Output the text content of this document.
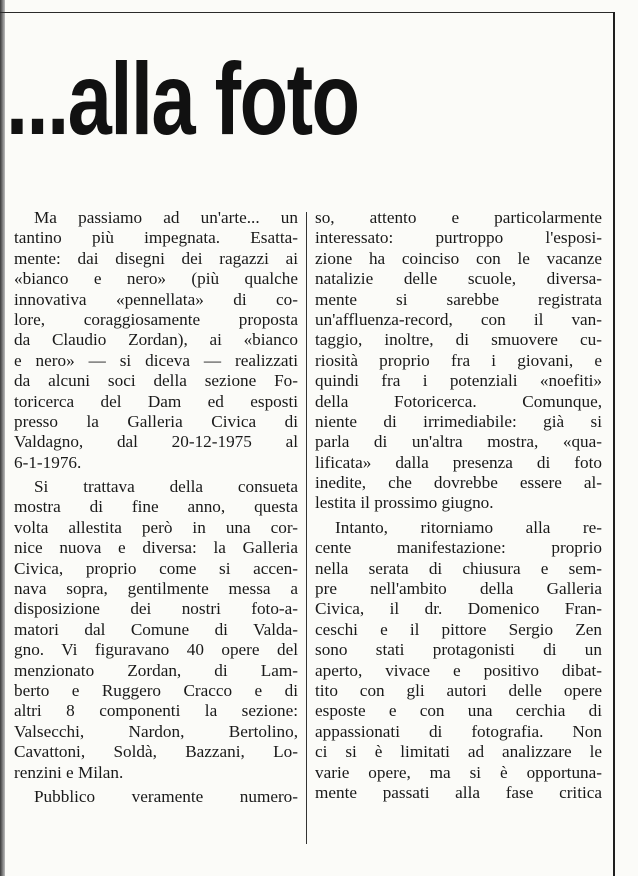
...alla foto
Ma passiamo ad un'arte... un
tantino più impegnata. Esatta-
mente: dai disegni dei ragazzi ai
«bianco e nero» (più qualche
innovativa «pennellata» di co-
lore, coraggiosamente proposta
da Claudio Zordan), ai «bianco
e nero» — si diceva — realizzati
da alcuni soci della sezione Fo-
toricerca del Dam ed esposti
presso la Galleria Civica di
Valdagno, dal 20-12-1975 al
6-1-1976.
Si trattava della consueta
mostra di fine anno, questa
volta allestita però in una cor-
nice nuova e diversa: la Galleria
Civica, proprio come si accen-
nava sopra, gentilmente messa a
disposizione dei nostri foto-a-
matori dal Comune di Valda-
gno. Vi figuravano 40 opere del
menzionato Zordan, di Lam-
berto e Ruggero Cracco e di
altri 8 componenti la sezione:
Valsecchi, Nardon, Bertolino,
Cavattoni, Soldà, Bazzani, Lo-
renzini e Milan.
Pubblico veramente numero-
so, attento e particolarmente
interessato: purtroppo l'esposi-
zione ha coinciso con le vacanze
natalizie delle scuole, diversa-
mente si sarebbe registrata
un'affluenza-record, con il van-
taggio, inoltre, di smuovere cu-
riosità proprio fra i giovani, e
quindi fra i potenziali «noefiti»
della Fotoricerca. Comunque,
niente di irrimediabile: già si
parla di un'altra mostra, «qua-
lificata» dalla presenza di foto
inedite, che dovrebbe essere al-
lestita il prossimo giugno.
Intanto, ritorniamo alla re-
cente manifestazione: proprio
nella serata di chiusura e sem-
pre nell'ambito della Galleria
Civica, il dr. Domenico Fran-
ceschi e il pittore Sergio Zen
sono stati protagonisti di un
aperto, vivace e positivo dibat-
tito con gli autori delle opere
esposte e con una cerchia di
appassionati di fotografia. Non
ci si è limitati ad analizzare le
varie opere, ma si è opportuna-
mente passati alla fase critica
